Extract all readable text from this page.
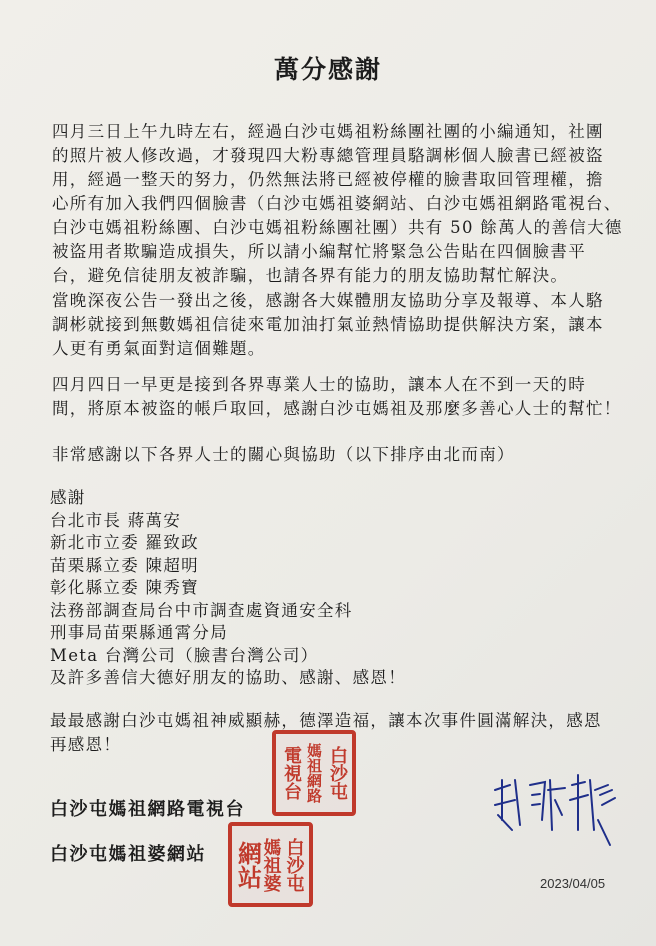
萬分感謝
四月三日上午九時左右，經過白沙屯媽祖粉絲團社團的小編通知，社團
的照片被人修改過，才發現四大粉專總管理員駱調彬個人臉書已經被盜
用，經過一整天的努力，仍然無法將已經被停權的臉書取回管理權，擔
心所有加入我們四個臉書（白沙屯媽祖婆網站、白沙屯媽祖網路電視台、
白沙屯媽祖粉絲團、白沙屯媽祖粉絲團社團）共有 50 餘萬人的善信大德
被盜用者欺騙造成損失，所以請小編幫忙將緊急公告貼在四個臉書平
台，避免信徒朋友被詐騙，也請各界有能力的朋友協助幫忙解決。
當晚深夜公告一發出之後，感謝各大媒體朋友協助分享及報導、本人駱
調彬就接到無數媽祖信徒來電加油打氣並熱情協助提供解決方案，讓本
人更有勇氣面對這個難題。
四月四日一早更是接到各界專業人士的協助，讓本人在不到一天的時
間，將原本被盜的帳戶取回，感謝白沙屯媽祖及那麼多善心人士的幫忙！
非常感謝以下各界人士的關心與協助（以下排序由北而南）
感謝
台北市長 蔣萬安
新北市立委 羅致政
苗栗縣立委 陳超明
彰化縣立委 陳秀寶
法務部調查局台中市調查處資通安全科
刑事局苗栗縣通霄分局
Meta 台灣公司（臉書台灣公司）
及許多善信大德好朋友的協助、感謝、感恩！
最最感謝白沙屯媽祖神威顯赫，德澤造福，讓本次事件圓滿解決，感恩
再感恩！
白沙屯媽祖網路電視台
白沙屯媽祖婆網站
白沙屯
媽祖網路
電視台
白沙屯
媽祖婆
網站	2023/04/05
